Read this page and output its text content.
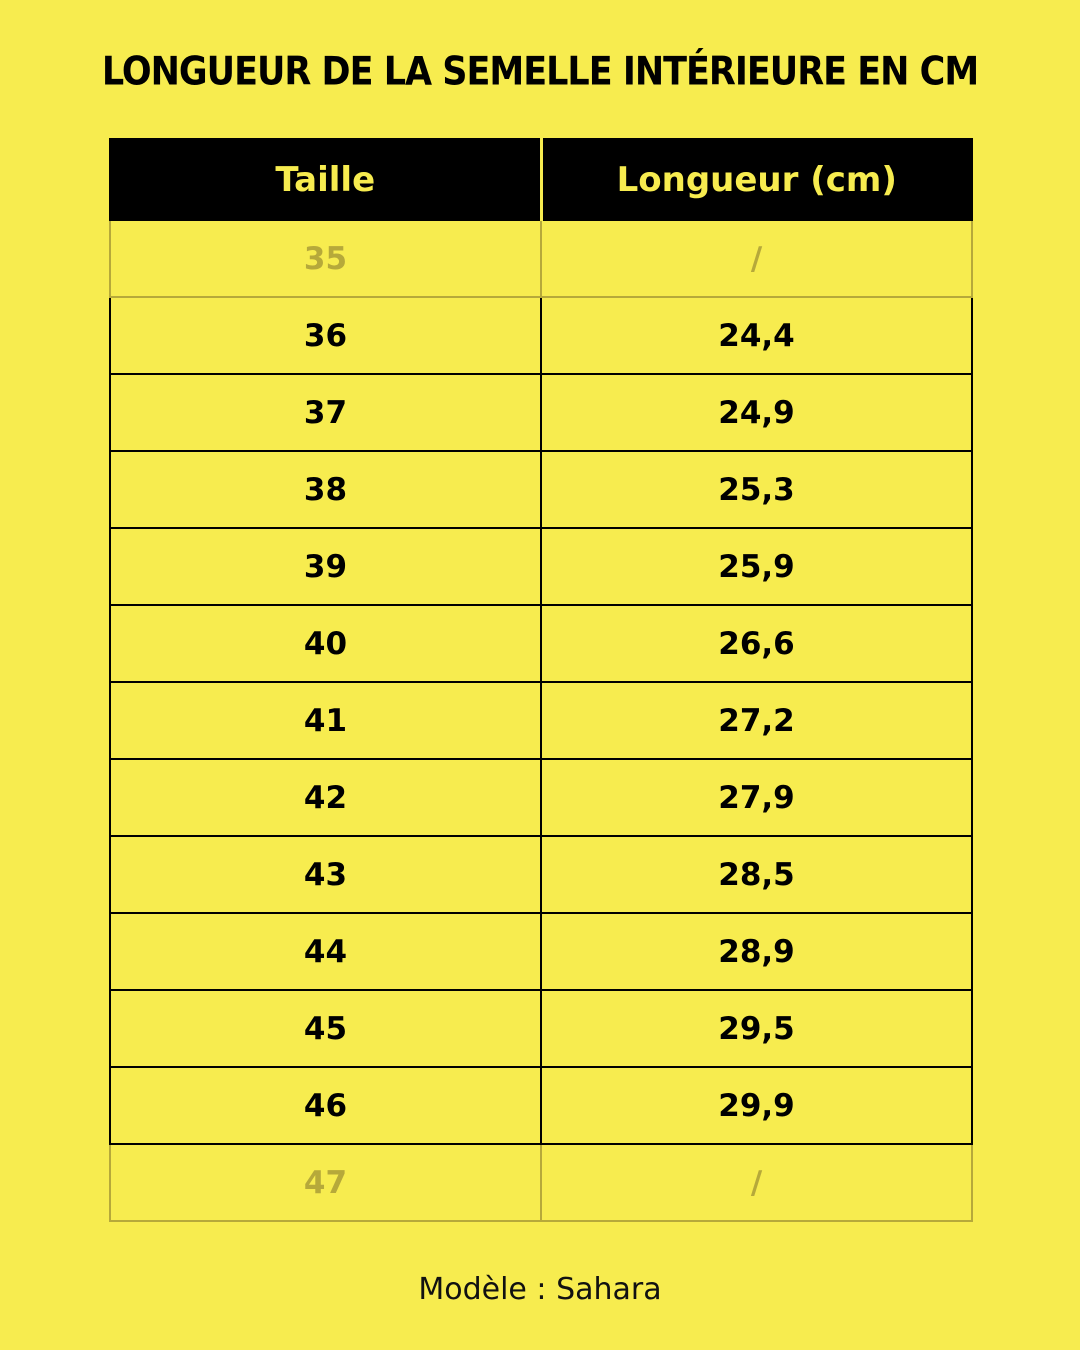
LONGUEUR DE LA SEMELLE INTÉRIEURE EN CM
Taille	Longueur (cm)
35	/
36	24,4
37	24,9
38	25,3
39	25,9
40	26,6
41	27,2
42	27,9
43	28,5
44	28,9
45	29,5
46	29,9
47	/
Modèle : Sahara
